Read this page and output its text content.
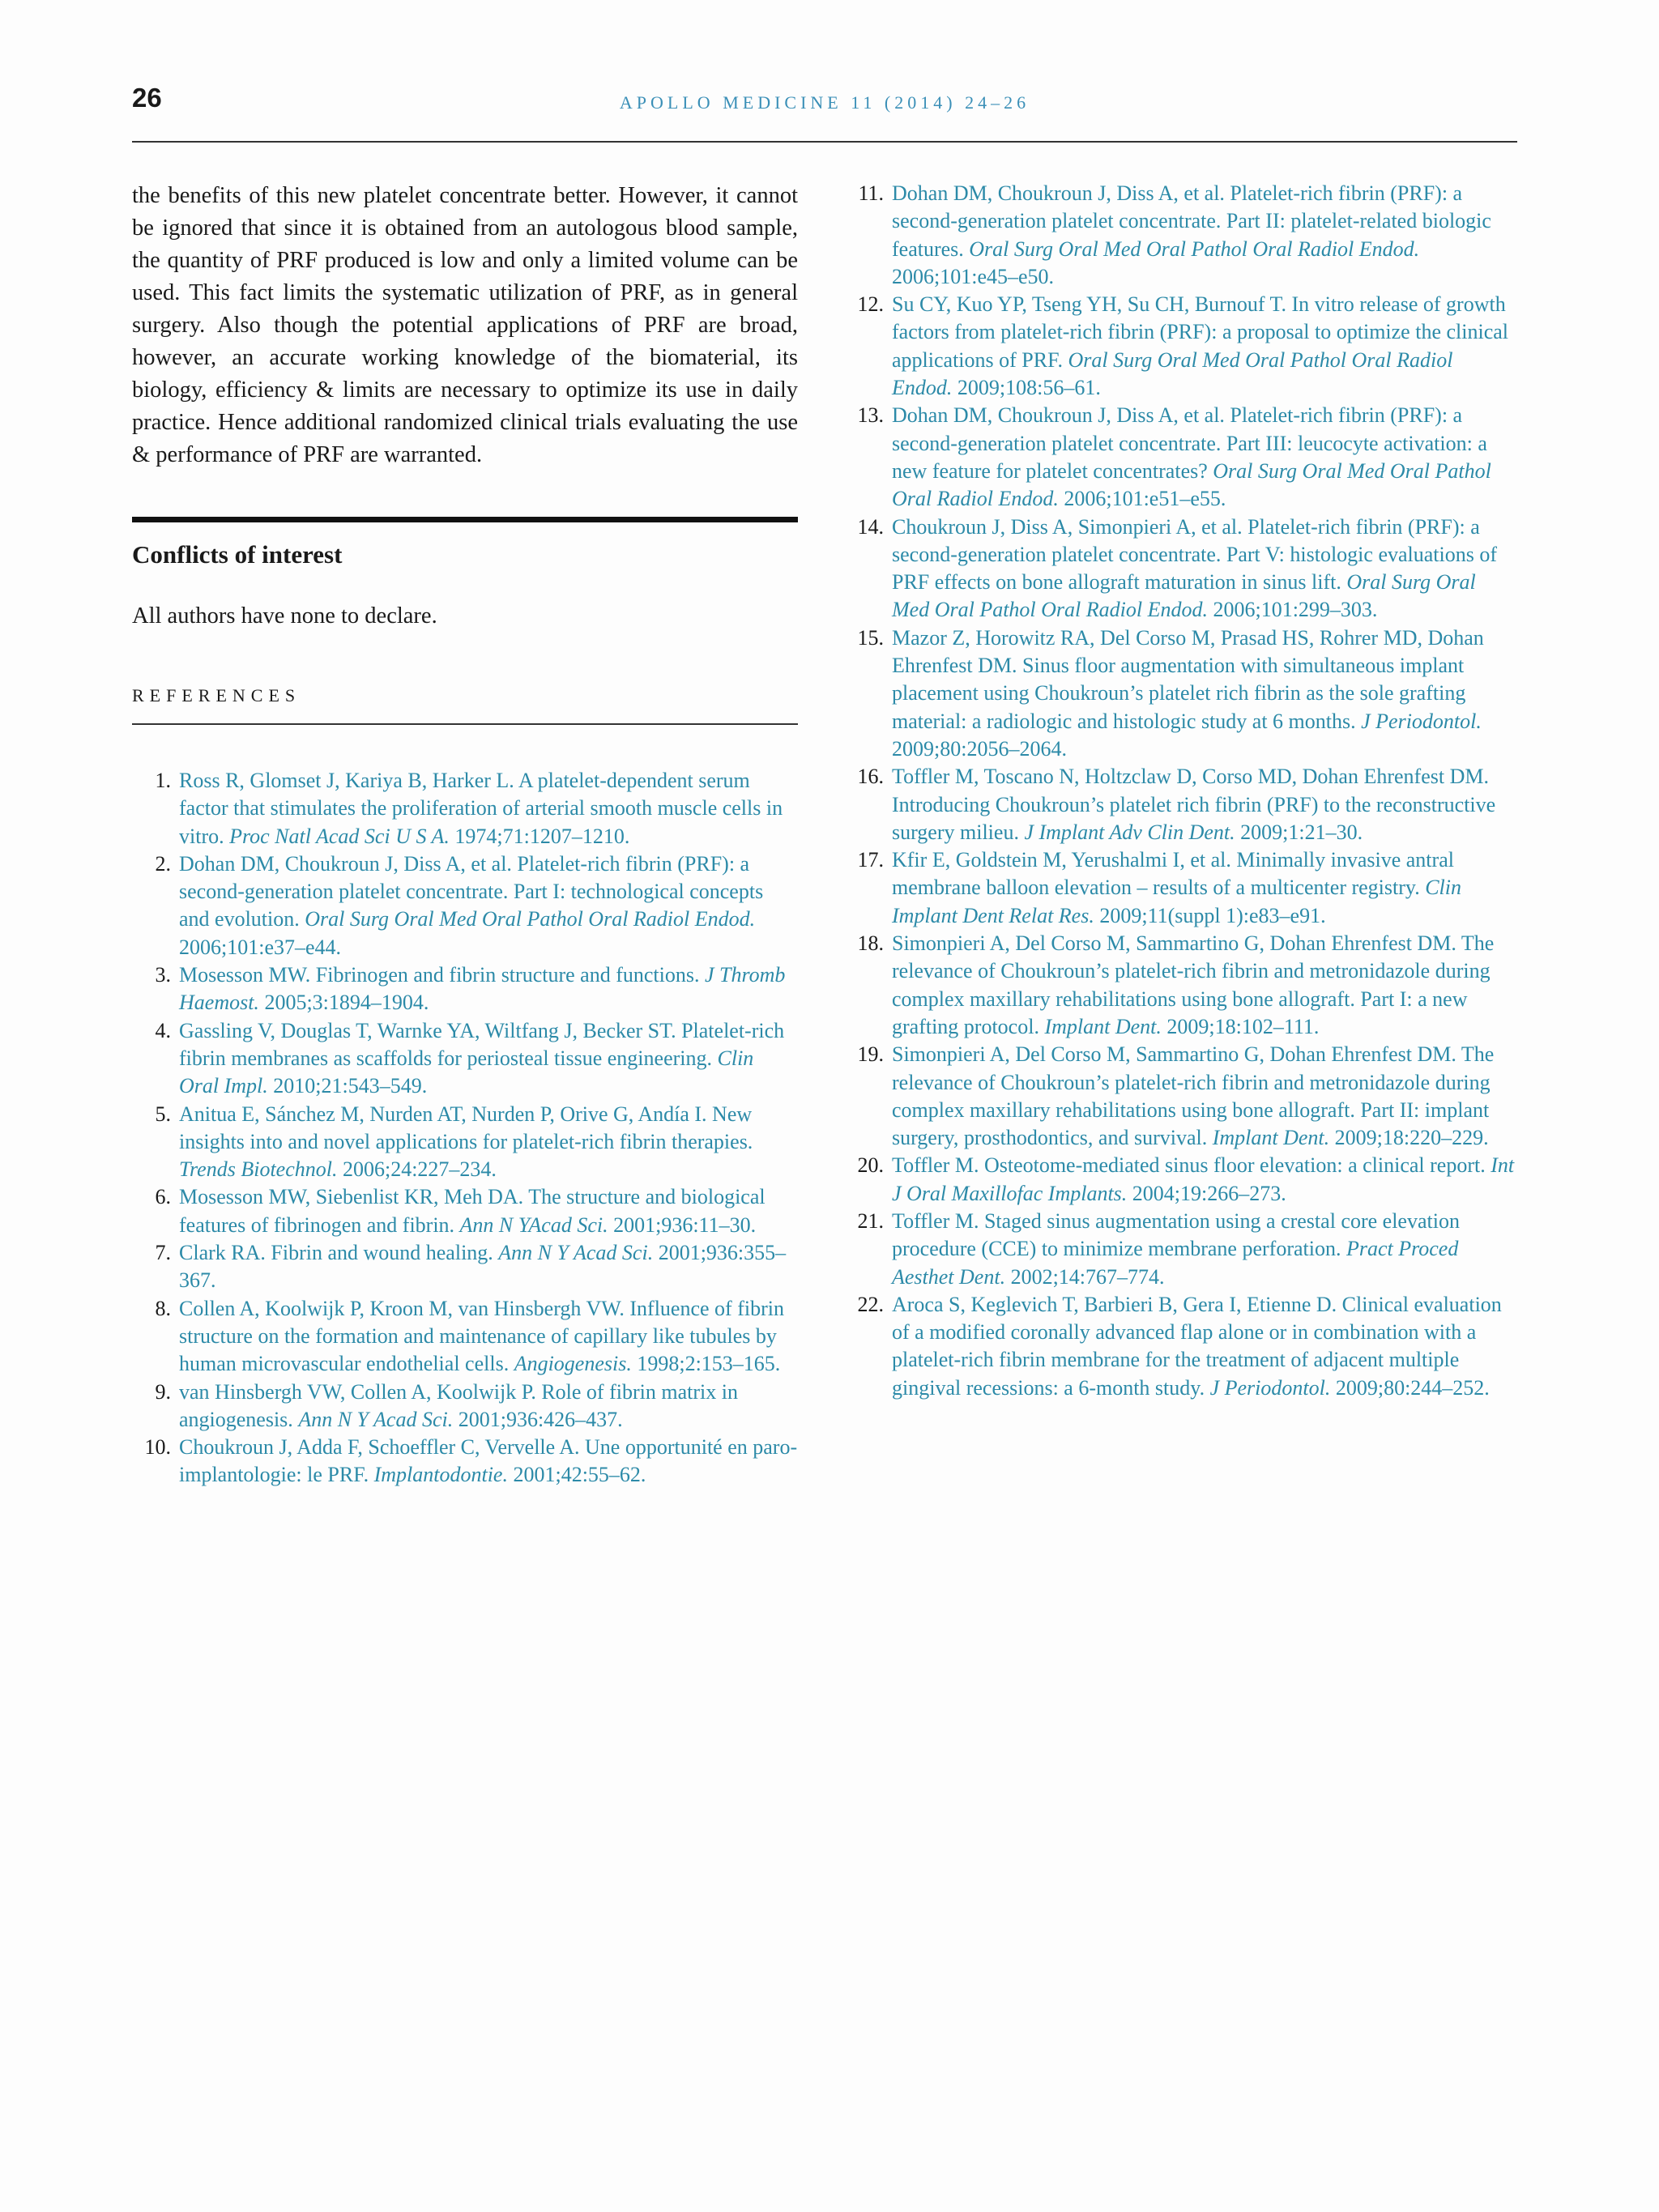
26	APOLLO MEDICINE 11 (2014) 24–26

the benefits of this new platelet concentrate better. However, it cannot be ignored that since it is obtained from an autologous blood sample, the quantity of PRF produced is low and only a limited volume can be used. This fact limits the systematic utilization of PRF, as in general surgery. Also though the potential applications of PRF are broad, however, an accurate working knowledge of the biomaterial, its biology, efficiency & limits are necessary to optimize its use in daily practice. Hence additional randomized clinical trials evaluating the use & performance of PRF are warranted.

Conflicts of interest

All authors have none to declare.

REFERENCES
1. Ross R, Glomset J, Kariya B, Harker L. A platelet-dependent serum factor that stimulates the proliferation of arterial smooth muscle cells in vitro. Proc Natl Acad Sci U S A. 1974;71:1207–1210.
2. Dohan DM, Choukroun J, Diss A, et al. Platelet-rich fibrin (PRF): a second-generation platelet concentrate. Part I: technological concepts and evolution. Oral Surg Oral Med Oral Pathol Oral Radiol Endod. 2006;101:e37–e44.
3. Mosesson MW. Fibrinogen and fibrin structure and functions. J Thromb Haemost. 2005;3:1894–1904.
4. Gassling V, Douglas T, Warnke YA, Wiltfang J, Becker ST. Platelet-rich fibrin membranes as scaffolds for periosteal tissue engineering. Clin Oral Impl. 2010;21:543–549.
5. Anitua E, Sánchez M, Nurden AT, Nurden P, Orive G, Andía I. New insights into and novel applications for platelet-rich fibrin therapies. Trends Biotechnol. 2006;24:227–234.
6. Mosesson MW, Siebenlist KR, Meh DA. The structure and biological features of fibrinogen and fibrin. Ann N YAcad Sci. 2001;936:11–30.
7. Clark RA. Fibrin and wound healing. Ann N Y Acad Sci. 2001;936:355–367.
8. Collen A, Koolwijk P, Kroon M, van Hinsbergh VW. Influence of fibrin structure on the formation and maintenance of capillary like tubules by human microvascular endothelial cells. Angiogenesis. 1998;2:153–165.
9. van Hinsbergh VW, Collen A, Koolwijk P. Role of fibrin matrix in angiogenesis. Ann N Y Acad Sci. 2001;936:426–437.
10. Choukroun J, Adda F, Schoeffler C, Vervelle A. Une opportunité en paro-implantologie: le PRF. Implantodontie. 2001;42:55–62.
11. Dohan DM, Choukroun J, Diss A, et al. Platelet-rich fibrin (PRF): a second-generation platelet concentrate. Part II: platelet-related biologic features. Oral Surg Oral Med Oral Pathol Oral Radiol Endod. 2006;101:e45–e50.
12. Su CY, Kuo YP, Tseng YH, Su CH, Burnouf T. In vitro release of growth factors from platelet-rich fibrin (PRF): a proposal to optimize the clinical applications of PRF. Oral Surg Oral Med Oral Pathol Oral Radiol Endod. 2009;108:56–61.
13. Dohan DM, Choukroun J, Diss A, et al. Platelet-rich fibrin (PRF): a second-generation platelet concentrate. Part III: leucocyte activation: a new feature for platelet concentrates? Oral Surg Oral Med Oral Pathol Oral Radiol Endod. 2006;101:e51–e55.
14. Choukroun J, Diss A, Simonpieri A, et al. Platelet-rich fibrin (PRF): a second-generation platelet concentrate. Part V: histologic evaluations of PRF effects on bone allograft maturation in sinus lift. Oral Surg Oral Med Oral Pathol Oral Radiol Endod. 2006;101:299–303.
15. Mazor Z, Horowitz RA, Del Corso M, Prasad HS, Rohrer MD, Dohan Ehrenfest DM. Sinus floor augmentation with simultaneous implant placement using Choukroun’s platelet rich fibrin as the sole grafting material: a radiologic and histologic study at 6 months. J Periodontol. 2009;80:2056–2064.
16. Toffler M, Toscano N, Holtzclaw D, Corso MD, Dohan Ehrenfest DM. Introducing Choukroun’s platelet rich fibrin (PRF) to the reconstructive surgery milieu. J Implant Adv Clin Dent. 2009;1:21–30.
17. Kfir E, Goldstein M, Yerushalmi I, et al. Minimally invasive antral membrane balloon elevation – results of a multicenter registry. Clin Implant Dent Relat Res. 2009;11(suppl 1):e83–e91.
18. Simonpieri A, Del Corso M, Sammartino G, Dohan Ehrenfest DM. The relevance of Choukroun’s platelet-rich fibrin and metronidazole during complex maxillary rehabilitations using bone allograft. Part I: a new grafting protocol. Implant Dent. 2009;18:102–111.
19. Simonpieri A, Del Corso M, Sammartino G, Dohan Ehrenfest DM. The relevance of Choukroun’s platelet-rich fibrin and metronidazole during complex maxillary rehabilitations using bone allograft. Part II: implant surgery, prosthodontics, and survival. Implant Dent. 2009;18:220–229.
20. Toffler M. Osteotome-mediated sinus floor elevation: a clinical report. Int J Oral Maxillofac Implants. 2004;19:266–273.
21. Toffler M. Staged sinus augmentation using a crestal core elevation procedure (CCE) to minimize membrane perforation. Pract Proced Aesthet Dent. 2002;14:767–774.
22. Aroca S, Keglevich T, Barbieri B, Gera I, Etienne D. Clinical evaluation of a modified coronally advanced flap alone or in combination with a platelet-rich fibrin membrane for the treatment of adjacent multiple gingival recessions: a 6-month study. J Periodontol. 2009;80:244–252.
